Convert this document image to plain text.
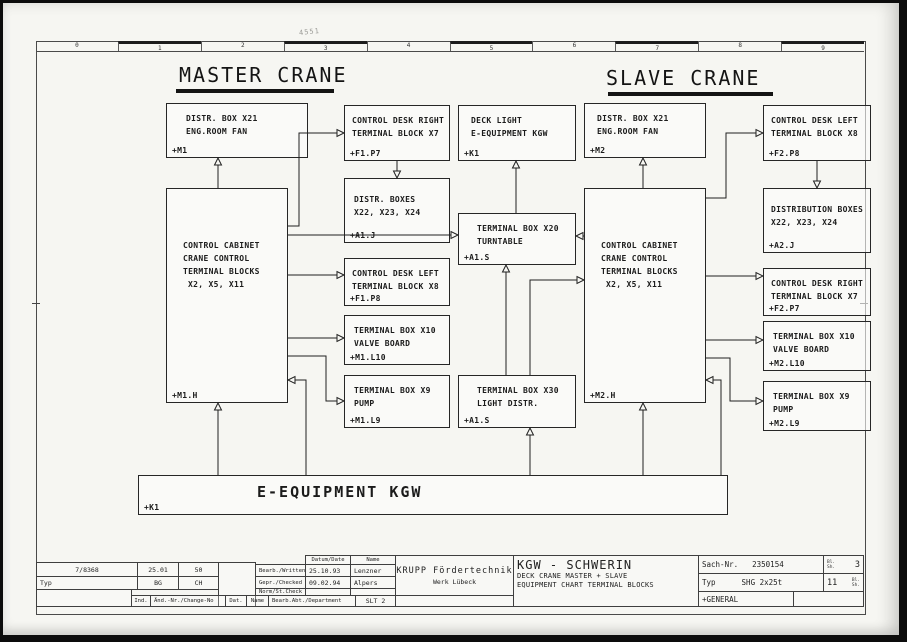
0	1	2	3	4	5	6	7	8	9
4551
MASTER CRANE	SLAVE CRANE
DISTR. BOX X21
ENG.ROOM FAN
+M1
CONTROL DESK RIGHT
TERMINAL BLOCK X7
+F1.P7
DECK LIGHT
E-EQUIPMENT KGW
+K1
DISTR. BOX X21
ENG.ROOM FAN
+M2
CONTROL DESK LEFT
TERMINAL BLOCK X8
+F2.P8
DISTR. BOXES
X22, X23, X24
+A1.J
DISTRIBUTION BOXES
X22, X23, X24
+A2.J
CONTROL CABINET
CRANE CONTROL
TERMINAL BLOCKS
X2, X5, X11
+M1.H
TERMINAL BOX X20
TURNTABLE
+A1.S
CONTROL CABINET
CRANE CONTROL
TERMINAL BLOCKS
X2, X5, X11
+M2.H
CONTROL DESK LEFT
TERMINAL BLOCK X8
+F1.P8
CONTROL DESK RIGHT
TERMINAL BLOCK X7
+F2.P7
TERMINAL BOX X10
VALVE BOARD
+M1.L10
TERMINAL BOX X10
VALVE BOARD
+M2.L10
TERMINAL BOX X9
PUMP
+M1.L9
TERMINAL BOX X30
LIGHT DISTR.
+A1.S
TERMINAL BOX X9
PUMP
+M2.L9
E-EQUIPMENT KGW
+K1
7/8368	25.01	50
Typ	BG	CH
Datum/Date	Name
Bearb./Written 25.10.93	Lenzner
Gepr./Checked	09.02.94	Alpers
Norm/St.Check
Ind.	Änd.-Nr./Change-No	Dat.	Name	Bearb.Abt./Department	SLT 2
KRUPP Fördertechnik
Werk Lübeck
KGW - SCHWERIN
DECK CRANE MASTER + SLAVE
EQUIPMENT CHART TERMINAL BLOCKS
Sach-Nr. 2350154
Typ	SHG 2x25t
+GENERAL
Bl.
Sh. 3
11	Bl.
Sh.
